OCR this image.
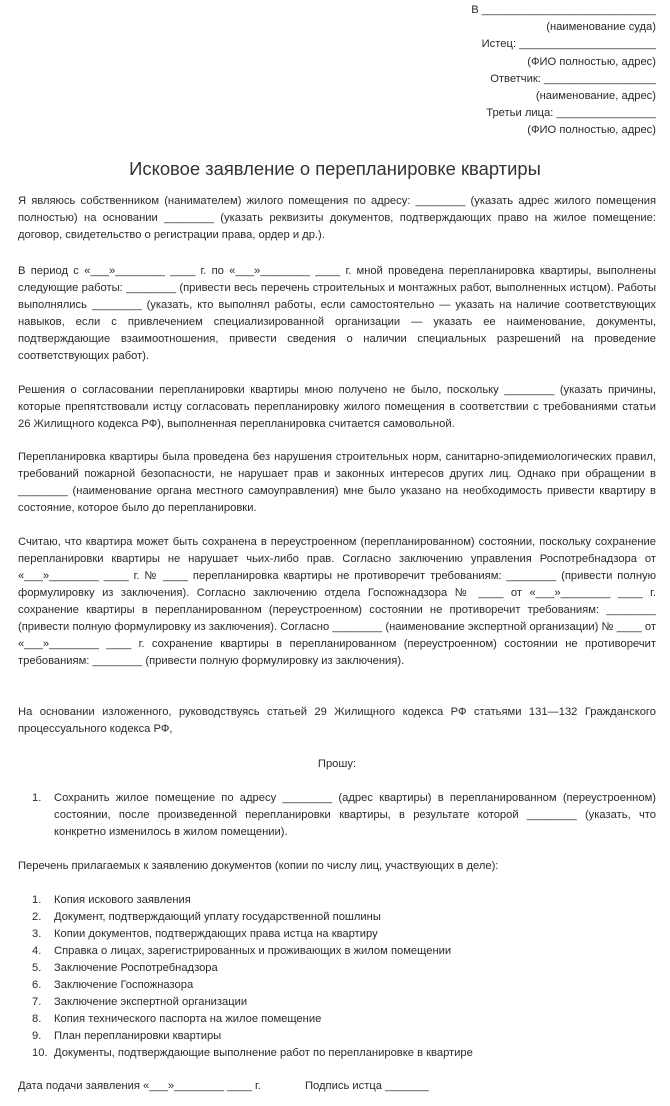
В ____________________________
(наименование суда)
Истец: ______________________
(ФИО полностью, адрес)
Ответчик: __________________
(наименование, адрес)
Третьи лица: ________________
(ФИО полностью, адрес)
Исковое заявление о перепланировке квартиры

Я являюсь собственником (нанимателем) жилого помещения по адресу: ________ (указать адрес жилого помещения полностью) на основании ________ (указать реквизиты документов, подтверждающих право на жилое помещение: договор, свидетельство о регистрации права, ордер и др.).

В период с «___»________ ____ г. по «___»________ ____ г. мной проведена перепланировка квартиры, выполнены следующие работы: ________ (привести весь перечень строительных и монтажных работ, выполненных истцом). Работы выполнялись ________ (указать, кто выполнял работы, если самостоятельно — указать на наличие соответствующих навыков, если с привлечением специализированной организации — указать ее наименование, документы, подтверждающие взаимоотношения, привести сведения о наличии специальных разрешений на проведение соответствующих работ).

Решения о согласовании перепланировки квартиры мною получено не было, поскольку ________ (указать причины, которые препятствовали истцу согласовать перепланировку жилого помещения в соответствии с требованиями статьи 26 Жилищного кодекса РФ), выполненная перепланировка считается самовольной.

Перепланировка квартиры была проведена без нарушения строительных норм, санитарно-эпидемиологических правил, требований пожарной безопасности, не нарушает прав и законных интересов других лиц. Однако при обращении в ________ (наименование органа местного самоуправления) мне было указано на необходимость привести квартиру в состояние, которое было до перепланировки.

Считаю, что квартира может быть сохранена в переустроенном (перепланированном) состоянии, поскольку сохранение перепланировки квартиры не нарушает чьих-либо прав. Согласно заключению управления Роспотребнадзора от «___»________ ____ г. № ____ перепланировка квартиры не противоречит требованиям: ________ (привести полную формулировку из заключения). Согласно заключению отдела Госпожнадзора № ____ от «___»________ ____ г. сохранение квартиры в перепланированном (переустроенном) состоянии не противоречит требованиям: ________ (привести полную формулировку из заключения). Согласно ________ (наименование экспертной организации) № ____ от «___»________ ____ г. сохранение квартиры в перепланированном (переустроенном) состоянии не противоречит требованиям: ________ (привести полную формулировку из заключения).

На основании изложенного, руководствуясь статьей 29 Жилищного кодекса РФ статьями 131—132 Гражданского процессуального кодекса РФ,

Прошу:

1.	Сохранить жилое помещение по адресу ________ (адрес квартиры) в перепланированном (переустроенном) состоянии, после произведенной перепланировки квартиры, в результате которой ________ (указать, что конкретно изменилось в жилом помещении).

Перечень прилагаемых к заявлению документов (копии по числу лиц, участвующих в деле):

1.	Копия искового заявления
2.	Документ, подтверждающий уплату государственной пошлины
3.	Копии документов, подтверждающих права истца на квартиру
4.	Справка о лицах, зарегистрированных и проживающих в жилом помещении
5.	Заключение Роспотребнадзора
6.	Заключение Госпожназора
7.	Заключение экспертной организации
8.	Копия технического паспорта на жилое помещение
9.	План перепланировки квартиры
10. Документы, подтверждающие выполнение работ по перепланировке в квартире
Дата подачи заявления «___»________ ____ г.	Подпись истца _______
